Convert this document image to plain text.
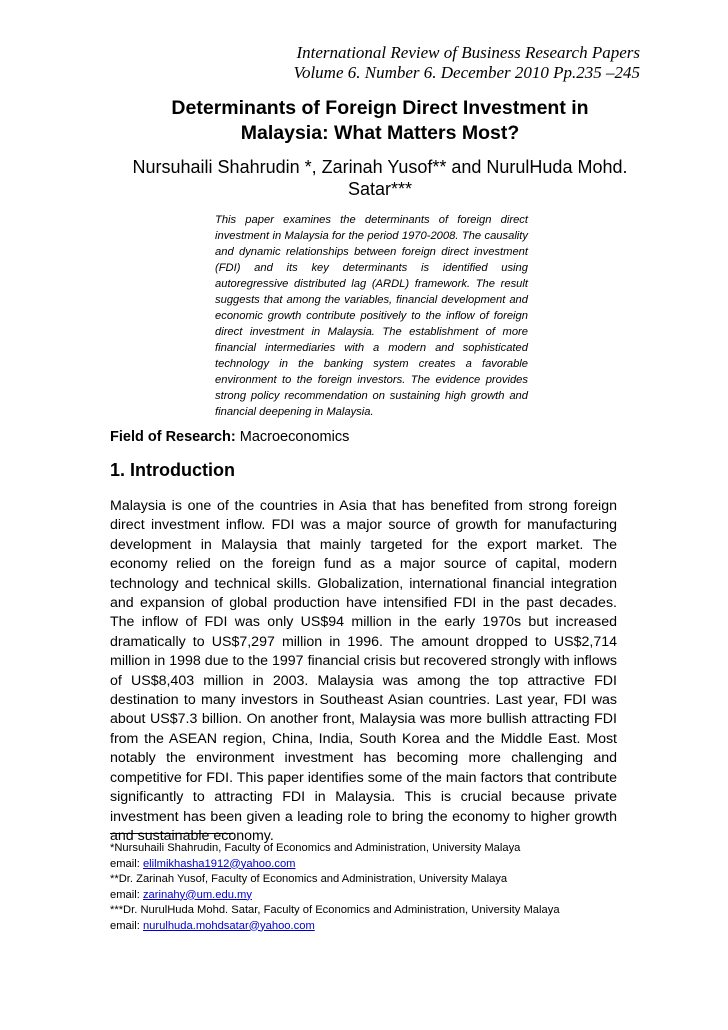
International Review of Business Research Papers
Volume 6. Number 6. December 2010 Pp.235 –245
Determinants of Foreign Direct Investment in
Malaysia: What Matters Most?
Nursuhaili Shahrudin *, Zarinah Yusof** and NurulHuda Mohd. Satar***
This paper examines the determinants of foreign direct investment in Malaysia for the period 1970-2008. The causality and dynamic relationships between foreign direct investment (FDI) and its key determinants is identified using autoregressive distributed lag (ARDL) framework. The result suggests that among the variables, financial development and economic growth contribute positively to the inflow of foreign direct investment in Malaysia. The establishment of more financial intermediaries with a modern and sophisticated technology in the banking system creates a favorable environment to the foreign investors. The evidence provides strong policy recommendation on sustaining high growth and financial deepening in Malaysia.
Field of Research: Macroeconomics
1. Introduction

Malaysia is one of the countries in Asia that has benefited from strong foreign direct investment inflow. FDI was a major source of growth for manufacturing development in Malaysia that mainly targeted for the export market. The economy relied on the foreign fund as a major source of capital, modern technology and technical skills. Globalization, international financial integration and expansion of global production have intensified FDI in the past decades. The inflow of FDI was only US$94 million in the early 1970s but increased dramatically to US$7,297 million in 1996. The amount dropped to US$2,714 million in 1998 due to the 1997 financial crisis but recovered strongly with inflows of US$8,403 million in 2003. Malaysia was among the top attractive FDI destination to many investors in Southeast Asian countries. Last year, FDI was about US$7.3 billion. On another front, Malaysia was more bullish attracting FDI from the ASEAN region, China, India, South Korea and the Middle East. Most notably the environment investment has becoming more challenging and competitive for FDI. This paper identifies some of the main factors that contribute significantly to attracting FDI in Malaysia. This is crucial because private investment has been given a leading role to bring the economy to higher growth and sustainable economy.

*Nursuhaili Shahrudin, Faculty of Economics and Administration, University Malaya
email: elilmikhasha1912@yahoo.com
**Dr. Zarinah Yusof, Faculty of Economics and Administration, University Malaya
email: zarinahy@um.edu.my
***Dr. NurulHuda Mohd. Satar, Faculty of Economics and Administration, University Malaya
email: nurulhuda.mohdsatar@yahoo.com
